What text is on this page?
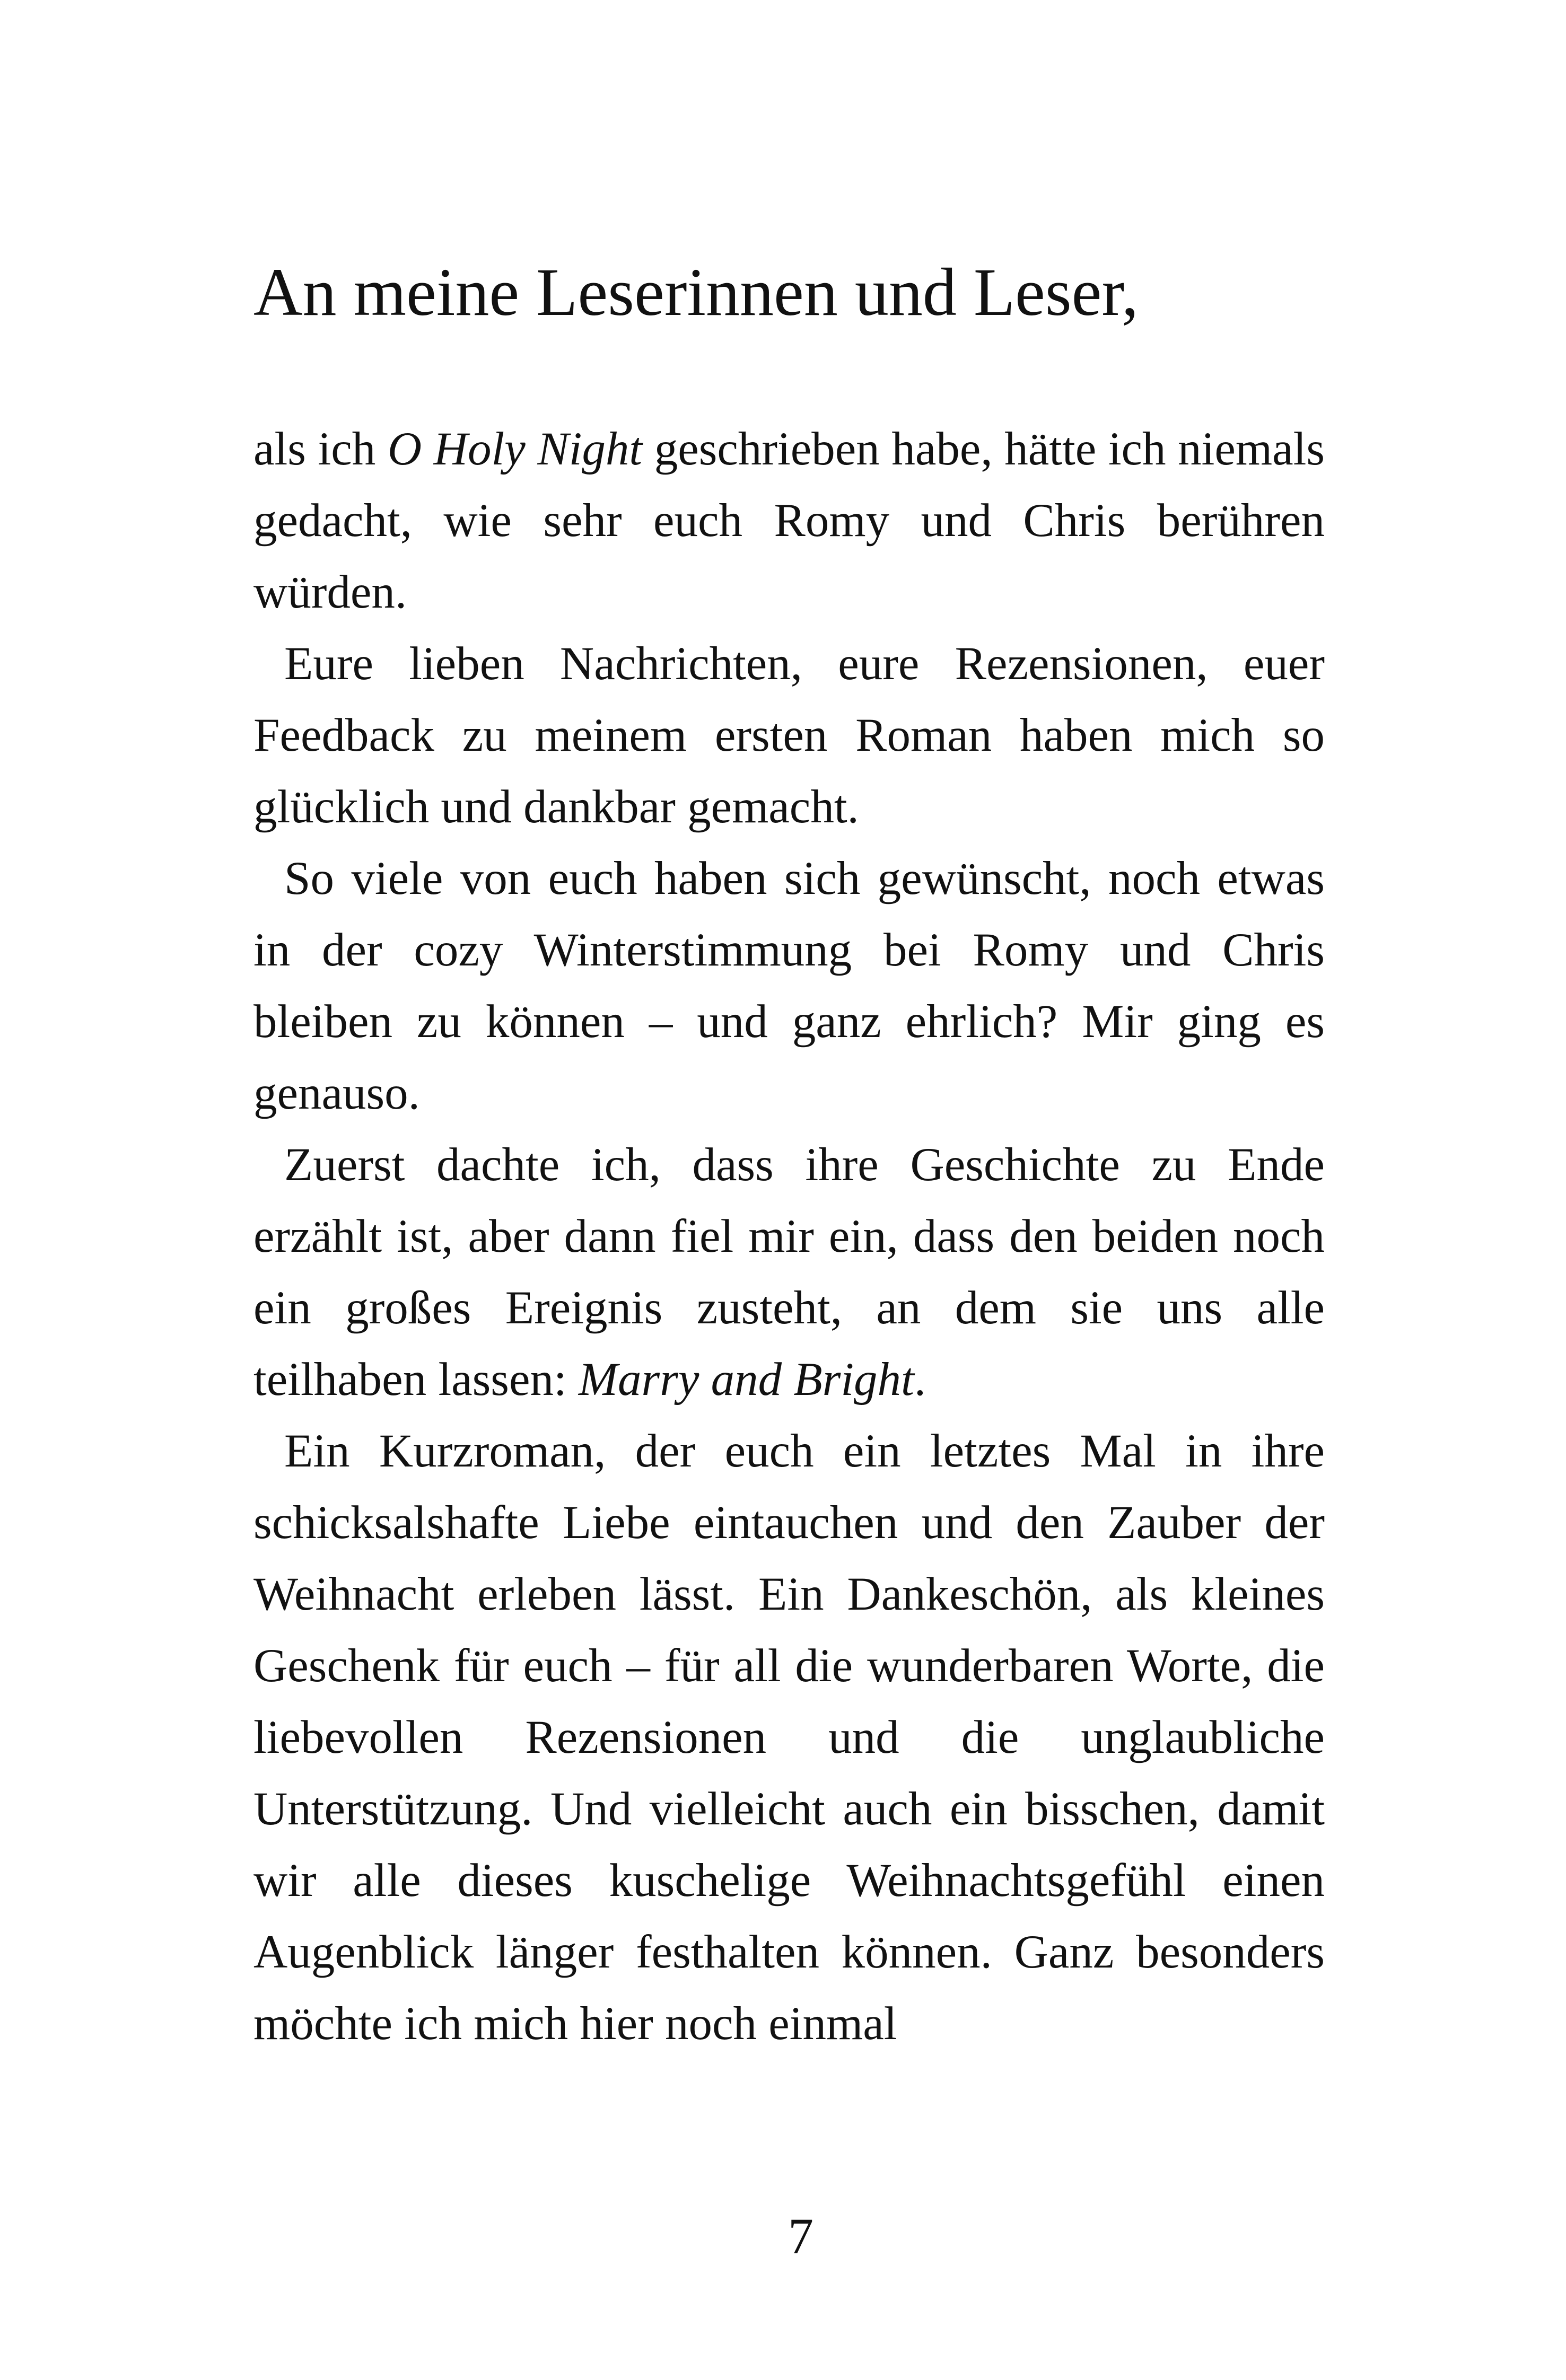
An meine Leserinnen und Leser,

als ich O Holy Night geschrieben habe, hätte ich niemals gedacht, wie sehr euch Romy und Chris berühren würden.

Eure lieben Nachrichten, eure Rezensionen, euer Feedback zu meinem ersten Roman haben mich so glücklich und dankbar gemacht.

So viele von euch haben sich gewünscht, noch etwas in der cozy Winterstimmung bei Romy und Chris bleiben zu können – und ganz ehrlich? Mir ging es genauso.

Zuerst dachte ich, dass ihre Geschichte zu Ende erzählt ist, aber dann fiel mir ein, dass den beiden noch ein großes Ereignis zusteht, an dem sie uns alle teilhaben lassen: Marry and Bright.

Ein Kurzroman, der euch ein letztes Mal in ihre schicksalshafte Liebe eintauchen und den Zauber der Weihnacht erleben lässt. Ein Dankeschön, als kleines Geschenk für euch – für all die wunderbaren Worte, die liebevollen Rezensionen und die unglaubliche Unterstützung. Und vielleicht auch ein bisschen, damit wir alle dieses kuschelige Weihnachtsgefühl einen Augenblick länger festhalten können. Ganz besonders möchte ich mich hier noch einmal

7
